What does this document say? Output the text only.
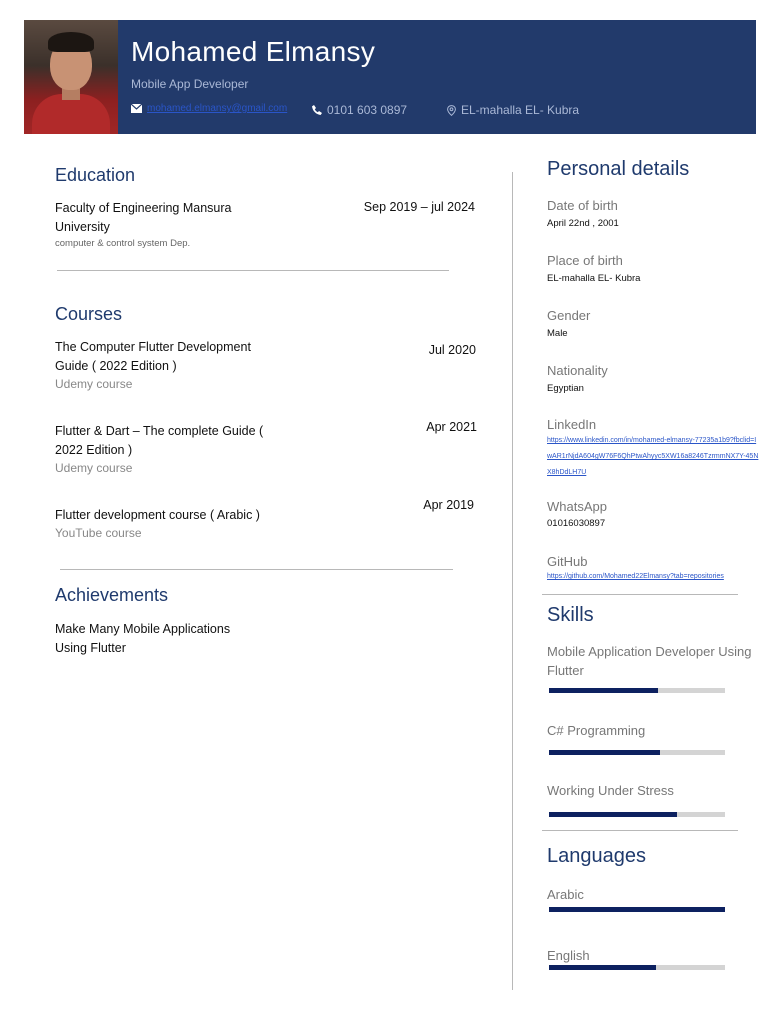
Mohamed Elmansy
Mobile App Developer
mohamed.elmansy@gmail.com	0101 603 0897	EL-mahalla EL- Kubra
Education
Faculty of Engineering Mansura University
Sep 2019 – jul 2024
computer & control system Dep.
Courses
The Computer Flutter Development Guide ( 2022 Edition )
Jul 2020
Udemy course
Flutter & Dart – The complete Guide ( 2022 Edition )
Apr 2021
Udemy course
Flutter development course ( Arabic )
Apr 2019
YouTube course
Achievements
Make Many Mobile Applications Using Flutter
Personal details
Date of birth
April 22nd , 2001
Place of birth
EL-mahalla EL- Kubra
Gender
Male
Nationality
Egyptian
LinkedIn
https://www.linkedin.com/in/mohamed-elmansy-77235a1b9?fbclid=IwAR1rNjdA604gW76F6QhPtwAhyyc5XW16a8246TzrmmNX7Y-45NX8hDdLH7U
WhatsApp
01016030897
GitHub
https://github.com/Mohamed22Elmansy?tab=repositories
Skills
Mobile Application Developer Using Flutter
C# Programming
Working Under Stress
Languages
Arabic
English
